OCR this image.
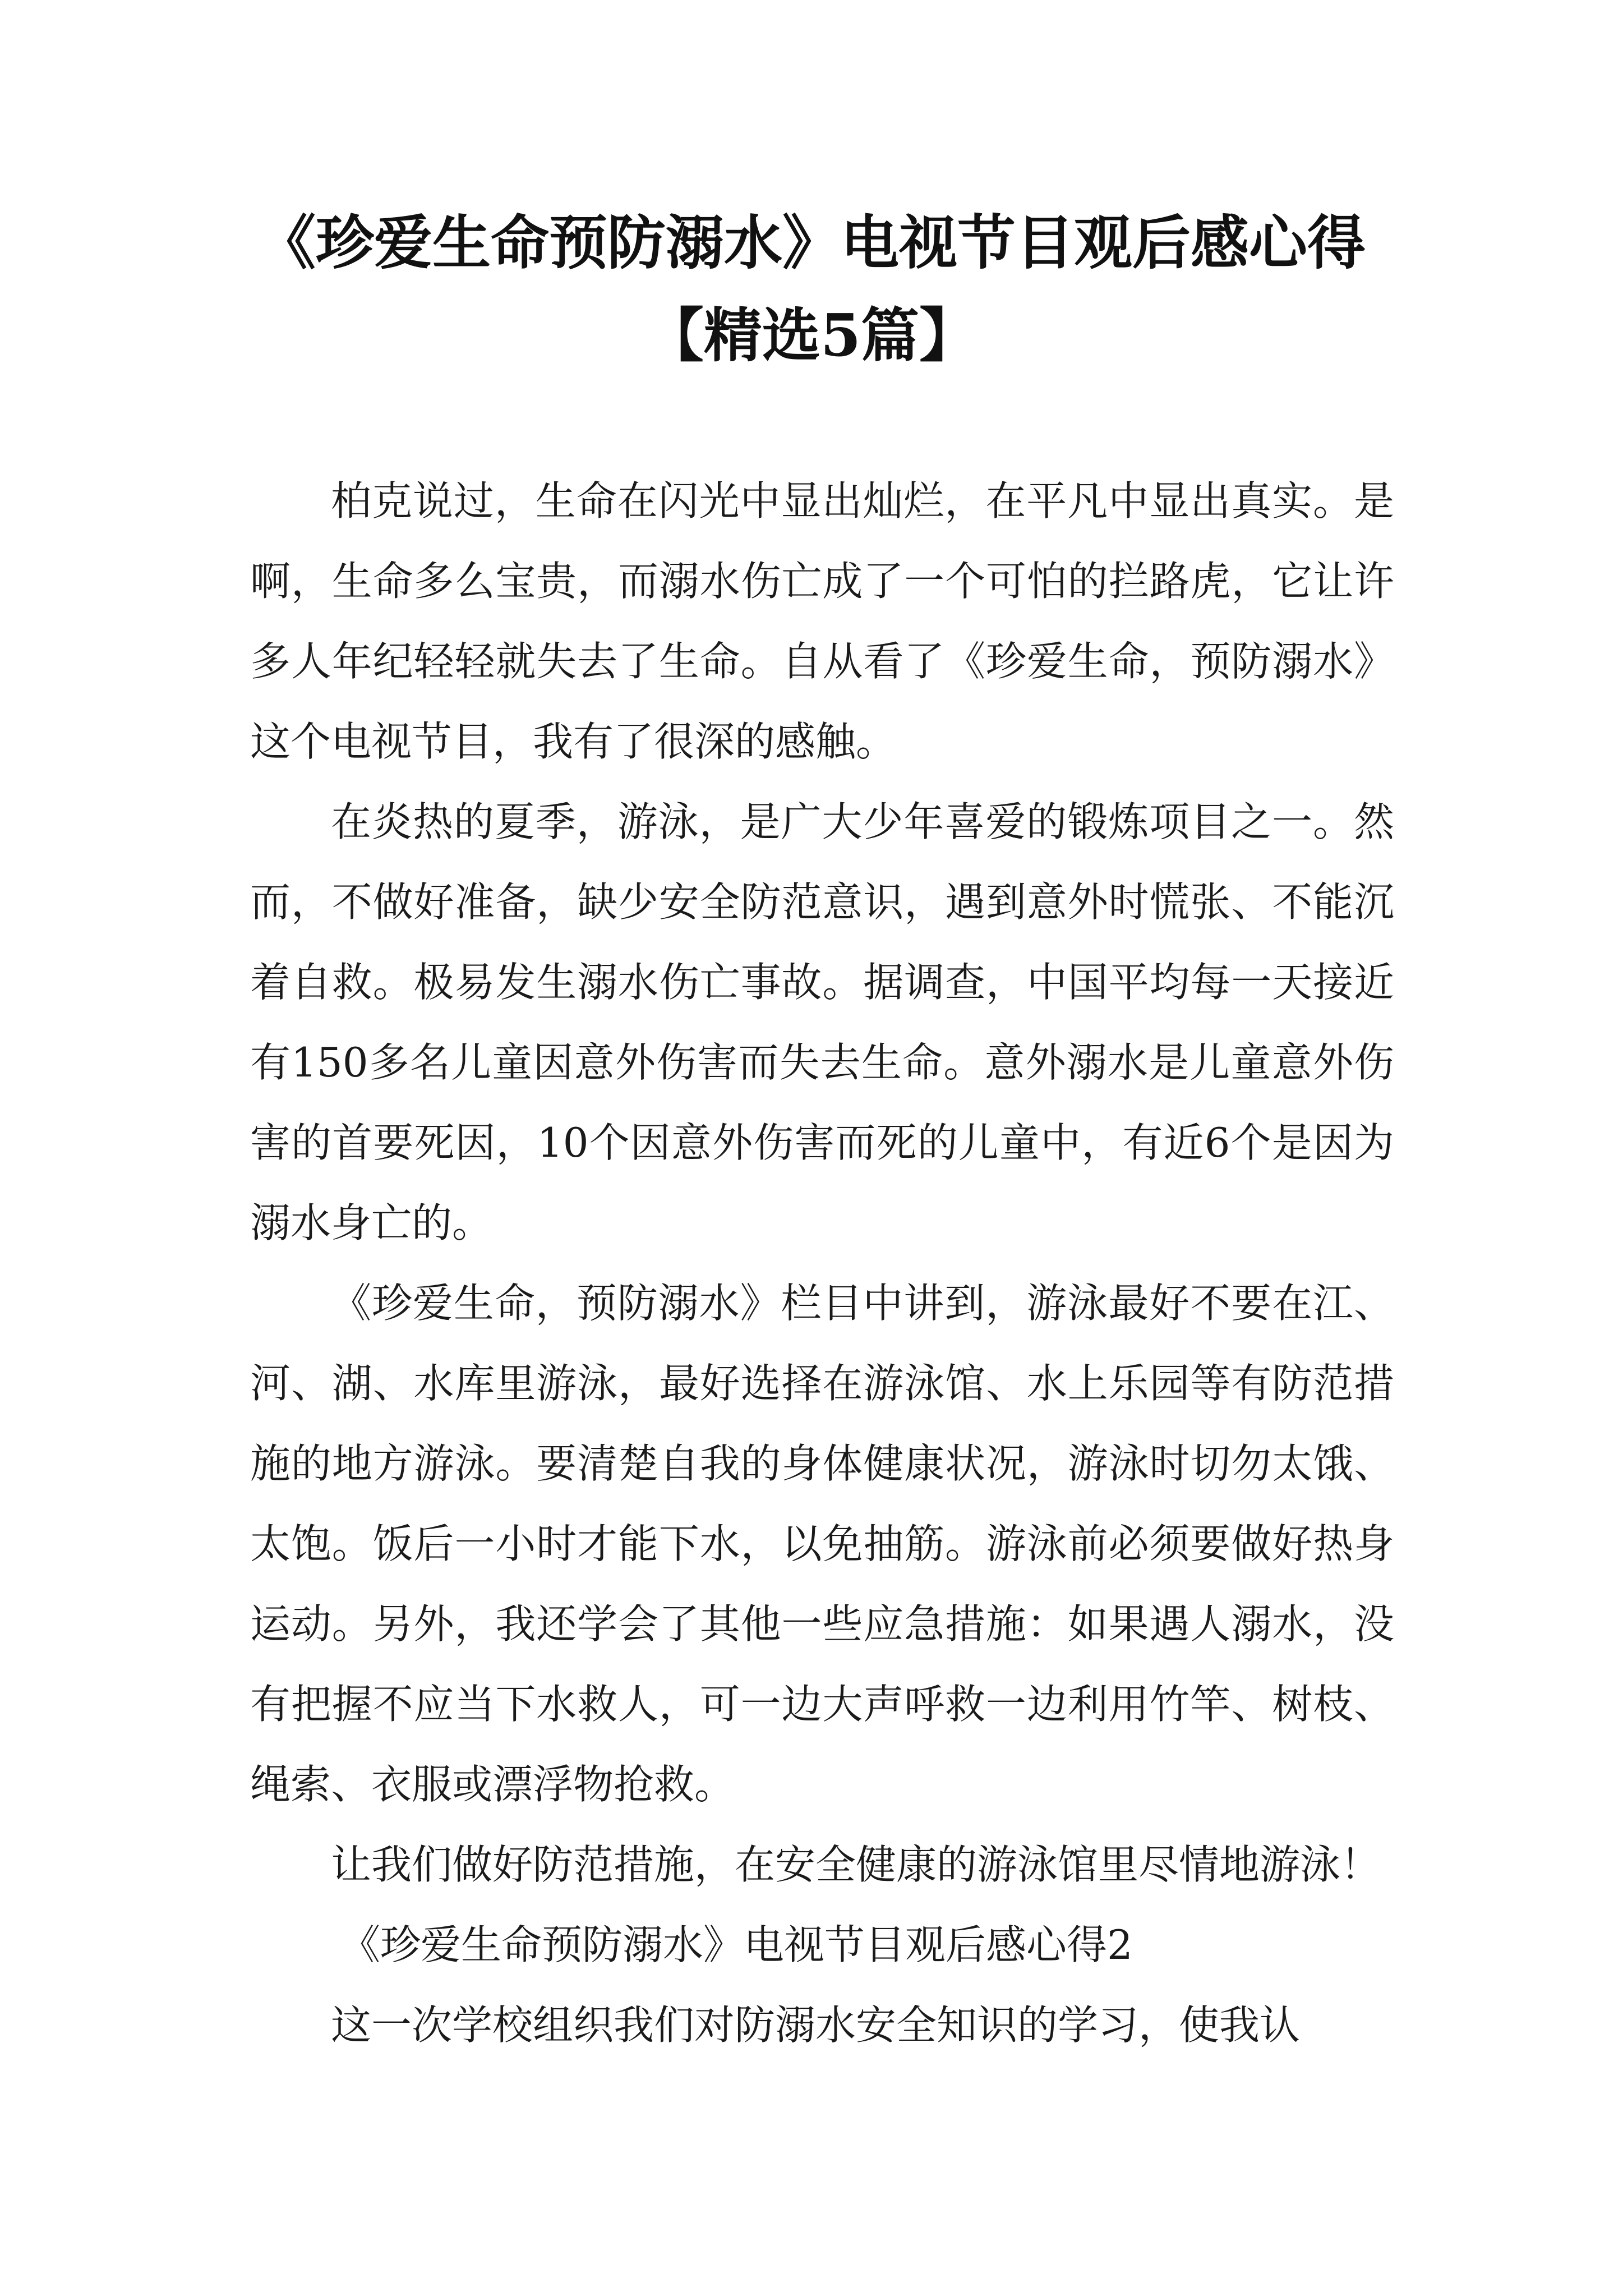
《珍爱生命预防溺水》电视节目观后感心得【精选5篇】

柏克说过，生命在闪光中显出灿烂，在平凡中显出真实。是啊，生命多么宝贵，而溺水伤亡成了一个可怕的拦路虎，它让许多人年纪轻轻就失去了生命。自从看了《珍爱生命，预防溺水》这个电视节目，我有了很深的感触。

在炎热的夏季，游泳，是广大少年喜爱的锻炼项目之一。然而，不做好准备，缺少安全防范意识，遇到意外时慌张、不能沉着自救。极易发生溺水伤亡事故。据调查，中国平均每一天接近有150多名儿童因意外伤害而失去生命。意外溺水是儿童意外伤害的首要死因，10个因意外伤害而死的儿童中，有近6个是因为溺水身亡的。

《珍爱生命，预防溺水》栏目中讲到，游泳最好不要在江、河、湖、水库里游泳，最好选择在游泳馆、水上乐园等有防范措施的地方游泳。要清楚自我的身体健康状况，游泳时切勿太饿、太饱。饭后一小时才能下水，以免抽筋。游泳前必须要做好热身运动。另外，我还学会了其他一些应急措施：如果遇人溺水，没有把握不应当下水救人，可一边大声呼救一边利用竹竿、树枝、绳索、衣服或漂浮物抢救。

让我们做好防范措施，在安全健康的游泳馆里尽情地游泳！

《珍爱生命预防溺水》电视节目观后感心得2

这一次学校组织我们对防溺水安全知识的学习，使我认
